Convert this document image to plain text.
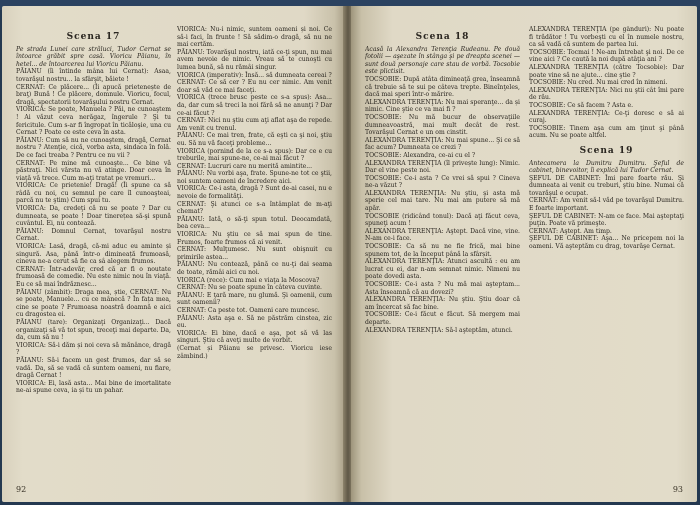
Scena 17

Pe strada Lunei care străluci, Tudor Cernat se întoarce grăbit spre casă. Vioricu Păianu, în hetel... de întoarcerea lui Vioricu Păianu.

PĂIANU (îi întinde mâna lui Cernat): Asaa, tovarăşul nostru... la sfârşit, băiete !

CERNAT: Ce plăcere... (Îi apucă prietenește de braţ) Bună ! Ce plăcere, domnule. Vioricu, focul, dragă, spectatorii tovarăşului nostru Cernat.

VIORICA: Se poate, Manuela ? Păi, ne cunoaştem ! Ai văzut ceva nerăgaz, îngerule ? Şi tu fericitule. Cum s-ar fi îngropat în ticăloşie, una cu Cernat ? Poate ce este ceva în asta.

PĂIANU: Cum să nu ne cunoaştem, dragă, Cernat nostru ? Atenţie, cică, vorba asta, sindaca în folă. De ce faci treaba ? Pentru ce nu vii ?

CERNAT: Pe mine mă cunoaşte... Ce bine vă păstraţi. Nici vărsta nu vă atinge. Doar ceva în viaţă vă trece. Cum m-aţi tratat pe vremuri...

VIORICA: Ce prietenie! Dragă! (Îi spune ca să râdă cu noi, cu semnul pe care îl cunoaşteai, parcă nu te ştim) Cum spui tu.

VIORICA: Da, credeţi că nu se poate ? Dar cu dumneata, se poate ! Doar tinerețea să-şi spună cuvântul. Ei, nu contează.

PĂIANU: Domnul Cernat, tovarăşul nostru Cernat.

VIORICA: Lasă, dragă, că-mi aduc eu aminte și singură. Asa, până într-o dimineață frumoasă, cineva ne-a cerut să fie ca sâ alegem frumos.

CERNAT: Într-adevăr, cred că ar fi o noutate frumoasă de comedie. Nu este nimic nou în viaţă. Eu ce să mai îndrăznesc...

PĂIANU (zâmbit): Draga mea, știe, CERNAT: Nu se poate, Manuele... cu ce mânecă ? În fața mea, cine se poate ? Frumoasa noastră doamnă e aici cu dragostea ei.

PĂIANU (tare): Organizaţi Organizaţi... Dacă organizaţi să vă tot spun, treceţi mai departe. Da, da, cum să nu !

VIORICA: Să-i dăm și noi ceva să mănânce, dragă ?

PĂIANU: Să-i facem un gest frumos, dar să se vadă. Da, să se vadă că suntem oameni, nu fiare, dragă Cernat !

VIORICA: Ei, lasă asta... Mai bine de imortalitate ne-ai spune ceva, ia și tu un pahar.

VIORICA: Nu-i nimic, suntem oameni și noi. Ce să-i faci, în frunte ! Să sădim-o dragă, să nu ne mai certăm.

PĂIANU: Tovarăşul nostru, iată ce-ţi spun, nu mai avem nevoie de nimic. Vreau să te cunoşti cu lumea bună, să nu rămâi singur.

VIORICA (imperativ): Însă... să dumneata cereai ?

CERNAT: Ce să cer ? Eu nu cer nimic. Am venit doar să văd ce mai faceţi.

VIORICA (trece brusc peste ce s-a spus): Asa... da, dar cum să treci la noi fără să ne anunţi ? Dar ce-ai făcut ?

CERNAT: Nici nu ştiu cum aţi aflat aşa de repede. Am venit cu trenul.

PĂIANU: Ce mai tren, frate, că eşti ca şi noi, ştiu eu. Să nu vă faceţi probleme...

VIORICA (pornind de la ce s-a spus): Dar ce e cu treburile, mai spune-ne, ce-ai mai făcut ?

CERNAT: Lucruri care nu merită amintite...

PĂIANU: Nu vorbi aşa, frate. Spune-ne tot ce ştii, noi suntem oameni de încredere aici.

VIORICA: Ce-i asta, dragă ? Sunt de-ai casei, nu e nevoie de formalităţi.

CERNAT: Şi atunci ce s-a întâmplat de m-aţi chemat?

PĂIANU: Iată, o să-ţi spun totul. Deocamdată, bea ceva...

VIORICA: Nu ştiu ce să mai spun de tine. Frumos, foarte frumos că ai venit.

CERNAT: Mulţumesc. Nu sunt obişnuit cu primirile astea...

PĂIANU: Nu contează, până ce nu-ţi dai seama de toate, rămâi aici cu noi.

VIORICA (rece): Cum mai e viaţa la Moscova?

CERNAT: Nu se poate spune în câteva cuvinte.

PĂIANU: E ţară mare, nu glumă. Şi oamenii, cum sunt oamenii?

CERNAT: Ca peste tot. Oameni care muncesc.

PĂIANU: Asta aşa e. Să ne păstrăm cinstea, zic eu.

VIORICA: Ei bine, dacă e aşa, pot să vă las singuri. Ştiu că aveţi multe de vorbit.

(Cernat și Păianu se privesc. Vioricu iese zâmbind.)

92

Scena 18

Acasă la Alexandra Terenţia Rudeanu. Pe două fotolii — aşezate în stânga şi pe dreapta scenei — sunt două personaje care stau de vorbă. Tocsobie este plictisit.

TOCSOBIE: După atâta dimineaţă grea, înseamnă că trebuie să te sui pe câteva trepte. Bineînţeles, dacă mai speri într-o mărire.

ALEXANDRA TERENŢIA: Nu mai speranţe... da și nimic. Cine ştie ce va mai fi ?

TOCSOBIE: Nu mă bucur de observaţiile dumneavoastră, mai mult decât de rest. Tovarăşul Cernat e un om cinstit.

ALEXANDRA TERENŢIA: Nu mai spune... Şi ce să fac acum? Dumneata ce crezi ?

TOCSOBIE: Alexandra, ce-ai cu el ?

ALEXANDRA TERENŢIA (îl privește lung): Nimic. Dar el vine peste noi.

TOCSOBIE: Ce-i asta ? Ce vrei să spui ? Cineva ne-a văzut ?

ALEXANDRA TERENŢIA: Nu ştiu, şi asta mă sperie cel mai tare. Nu mai am putere să mă apăr.

TOCSOBIE (ridicând tonul): Dacă aţi făcut ceva, spuneţi acum !

ALEXANDRA TERENŢIA: Aştept. Dacă vine, vine. N-am ce-i face.

TOCSOBIE: Ca să nu ne fie frică, mai bine spunem tot, de la început până la sfârșit.

ALEXANDRA TERENŢIA: Atunci ascultă : eu am lucrat cu ei, dar n-am semnat nimic. Nimeni nu poate dovedi asta.

TOCSOBIE: Ce-i asta ? Nu mă mai aşteptam... Asta înseamnă că au dovezi?

ALEXANDRA TERENŢIA: Nu ştiu. Ştiu doar că am încercat să fac bine.

TOCSOBIE: Ce-i făcut e făcut. Să mergem mai departe.

ALEXANDRA TERENŢIA: Să-l aşteptăm, atunci.

ALEXANDRA TERENŢIA (pe gânduri): Nu poate fi trădător ! Tu vorbeşti cu el în numele nostru, ca să vadă că suntem de partea lui.

TOCSOBIE: Tocmai ! Ne-am întrebat şi noi. De ce vine aici ? Ce caută la noi după atâţia ani ?

ALEXANDRA TERENŢIA (către Tocsobie): Dar poate vine să ne ajute... cine ştie ?

TOCSOBIE: Nu cred. Nu mai cred în nimeni.

ALEXANDRA TERENŢIA: Nici nu ştii cât îmi pare de rău.

TOCSOBIE: Ce să facem ? Asta e.

ALEXANDRA TERENŢIA: Ce-ţi doresc e să ai curaj.

TOCSOBIE: Tinem aşa cum am ţinut şi până acum. Nu se poate altfel.

Scena 19

Antecamera la Dumitru Dumitru. Şeful de cabinet, binevoitor, îi explică lui Tudor Cernat.

ŞEFUL DE CABINET: Îmi pare foarte rău. Şi dumneata ai venit cu treburi, ştiu bine. Numai că tovarăşul e ocupat.

CERNAT: Am venit să-l văd pe tovarăşul Dumitru. E foarte important.

ŞEFUL DE CABINET: N-am ce face. Mai aşteptaţi puţin. Poate vă primeşte.

CERNAT: Aştept. Am timp.

ŞEFUL DE CABINET: Aşa... Ne pricepem noi la oameni. Vă aşteptăm cu drag, tovarăşe Cernat.

93
